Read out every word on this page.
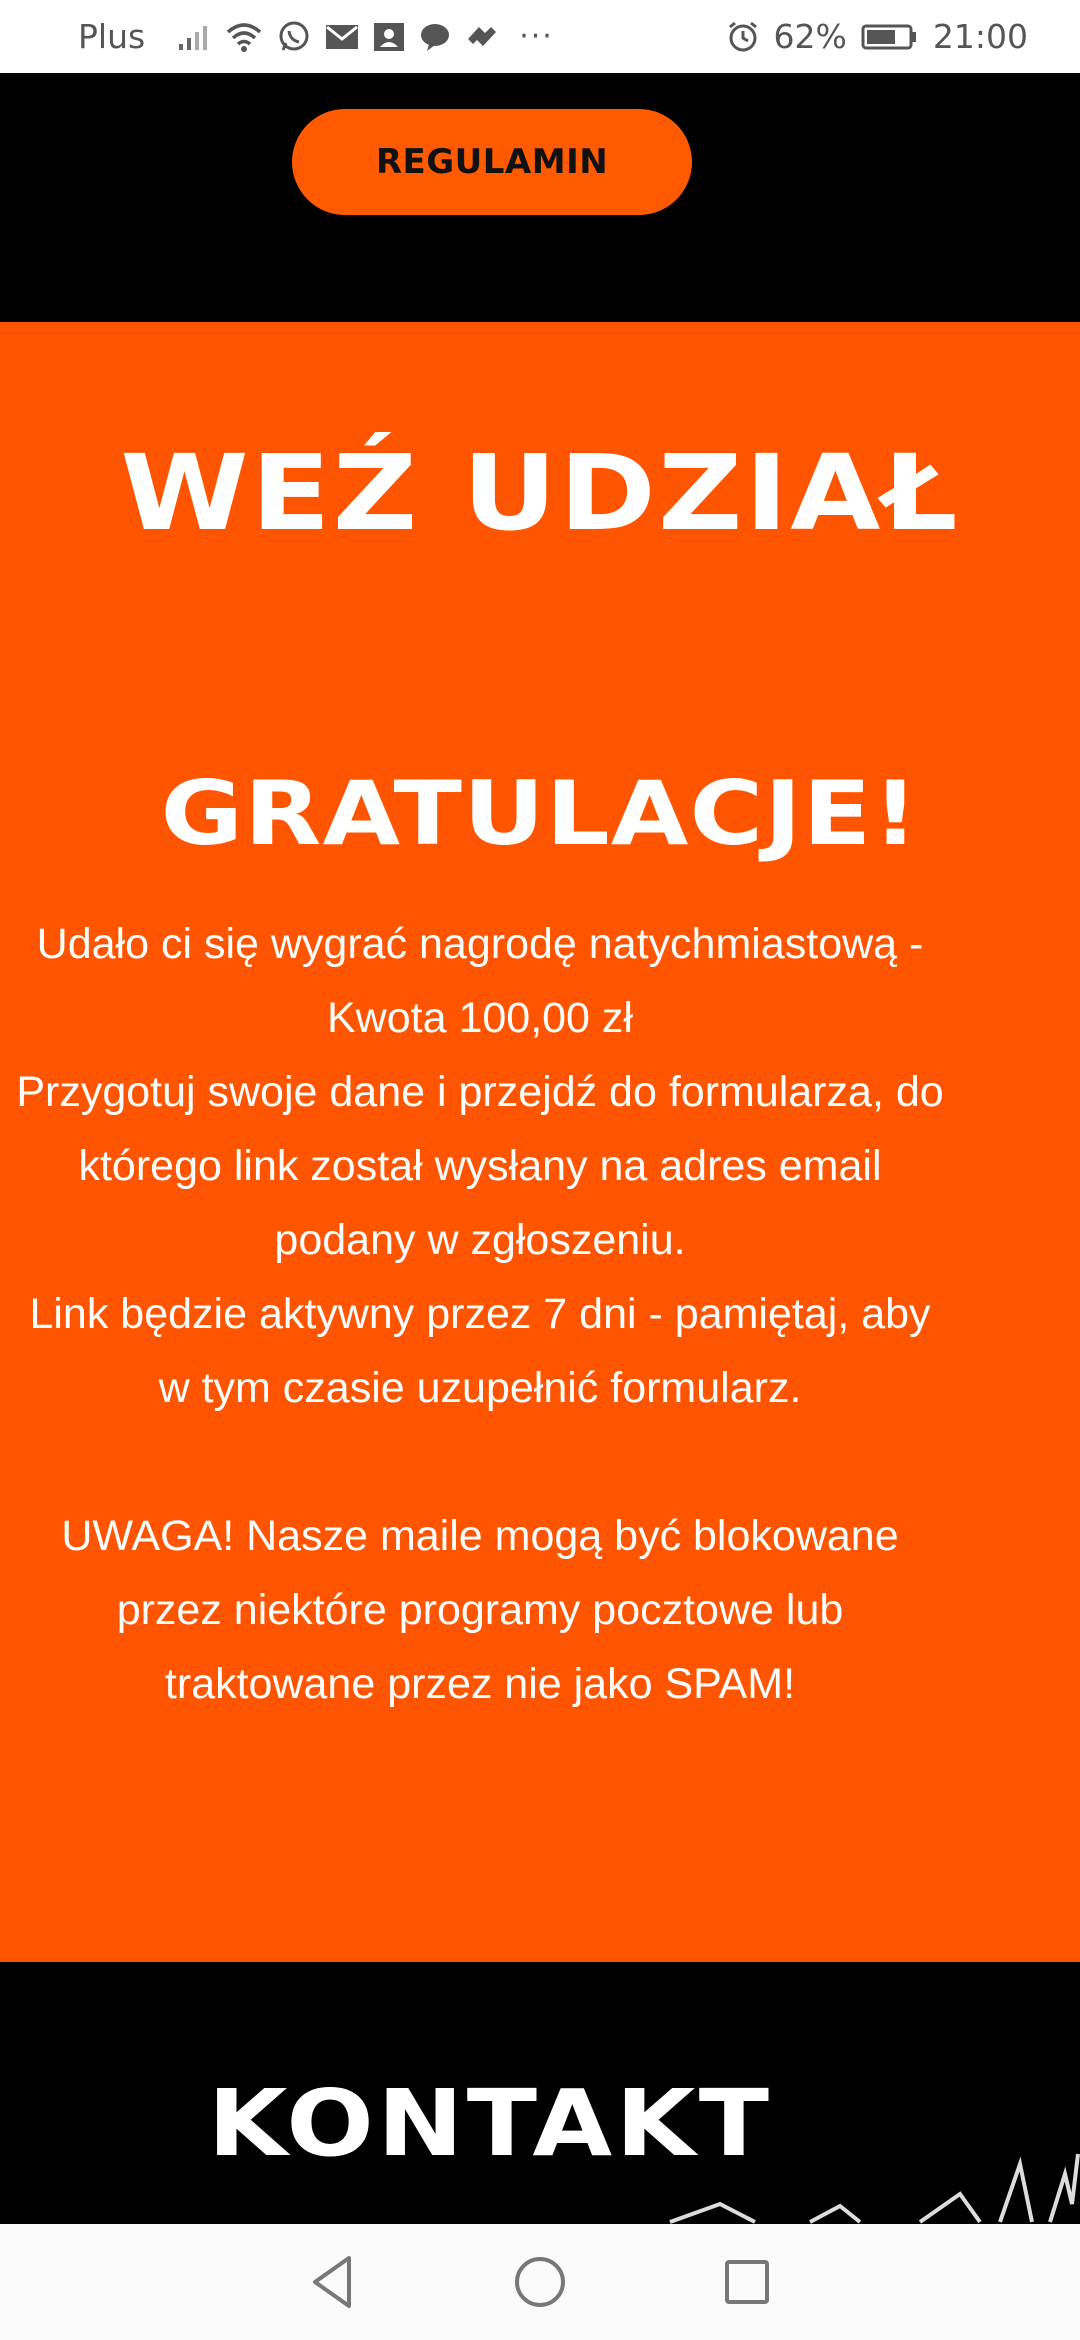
Plus	···	62%	21:00
REGULAMIN
WEŹ UDZIAŁ
GRATULACJE!
Udało ci się wygrać nagrodę natychmiastową -
Kwota 100,00 zł
Przygotuj swoje dane i przejdź do formularza, do
którego link został wysłany na adres email
podany w zgłoszeniu.
Link będzie aktywny przez 7 dni - pamiętaj, aby
w tym czasie uzupełnić formularz.
UWAGA! Nasze maile mogą być blokowane
przez niektóre programy pocztowe lub
traktowane przez nie jako SPAM!
KONTAKT
